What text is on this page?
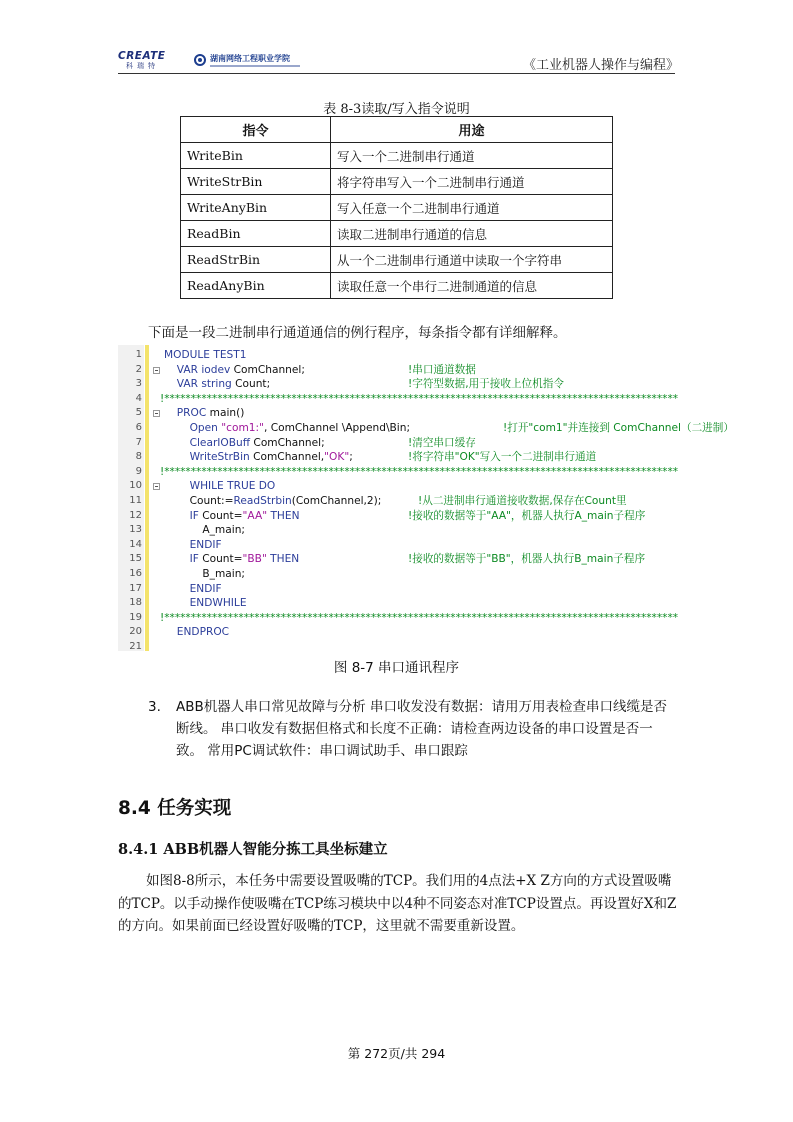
CREATE
科瑞特
湖南网络工程职业学院	《工业机器人操作与编程》
表 8-3读取/写入指令说明
指令	用途
WriteBin	写入一个二进制串行通道
WriteStrBin	将字符串写入一个二进制串行通道
WriteAnyBin	写入任意一个二进制串行通道
ReadBin	读取二进制串行通道的信息
ReadStrBin	从一个二进制串行通道中读取一个字符串
ReadAnyBin	读取任意一个串行二进制通道的信息
下面是一段二进制串行通道通信的例行程序，每条指令都有详细解释。
1 MODULE TEST1
2	VAR iodev ComChannel;	!串口通道数据
3	VAR string Count;	!字符型数据,用于接收上位机指令
4 !*************************************************************************************************
5	PROC main()
6	Open "com1:", ComChannel \Append\Bin;	!打开"com1"并连接到 ComChannel（二进制）
7	ClearIOBuff ComChannel;	!清空串口缓存
8	WriteStrBin ComChannel,"OK";	!将字符串"OK"写入一个二进制串行通道
9 !*************************************************************************************************
10	WHILE TRUE DO
11	Count:=ReadStrbin(ComChannel,2);	!从二进制串行通道接收数据,保存在Count里
12	IF Count="AA" THEN	!接收的数据等于"AA"，机器人执行A_main子程序
13	A_main;
14	ENDIF
15	IF Count="BB" THEN	!接收的数据等于"BB"，机器人执行B_main子程序
16	B_main;
17	ENDIF
18	ENDWHILE
19 !*************************************************************************************************
20	ENDPROC
21
图 8-7 串口通讯程序
3. ABB机器人串口常见故障与分析 串口收发没有数据：请用万用表检查串口线缆是否断线。 串口收发有数据但格式和长度不正确：请检查两边设备的串口设置是否一致。 常用PC调试软件：串口调试助手、串口跟踪
8.4 任务实现
8.4.1 ABB机器人智能分拣工具坐标建立
如图8-8所示，本任务中需要设置吸嘴的TCP。我们用的4点法+X Z方向的方式设置吸嘴的TCP。以手动操作使吸嘴在TCP练习模块中以4种不同姿态对准TCP设置点。再设置好X和Z的方向。如果前面已经设置好吸嘴的TCP，这里就不需要重新设置。
第 272页/共 294
